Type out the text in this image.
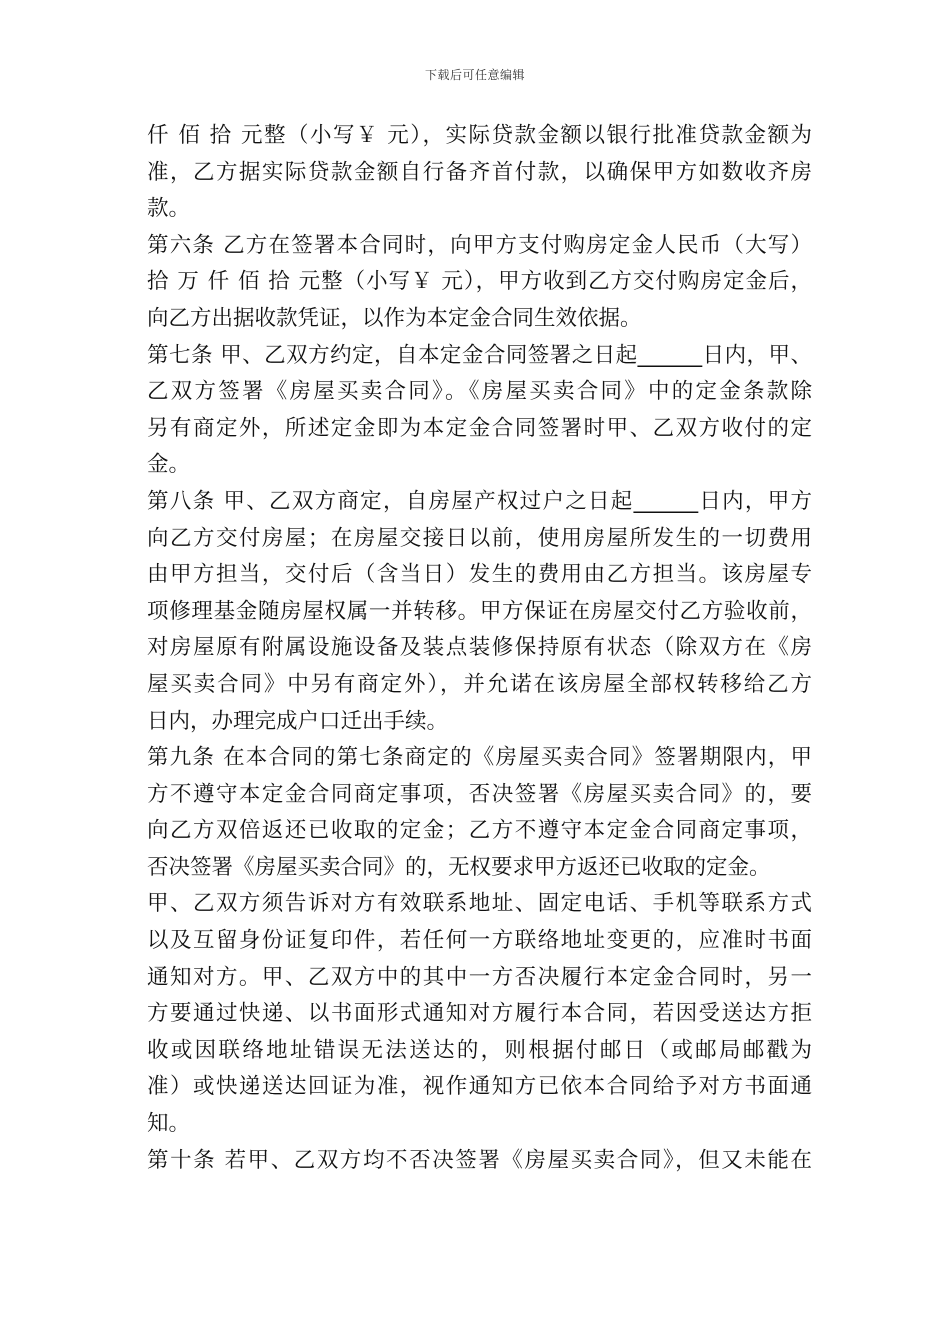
下载后可任意编辑
仟 佰 拾 元整（小写￥ 元），实际贷款金额以银行批准贷款金额为
准，乙方据实际贷款金额自行备齐首付款，以确保甲方如数收齐房
款。
第六条 乙方在签署本合同时，向甲方支付购房定金人民币（大写）
拾 万 仟 佰 拾 元整（小写￥ 元），甲方收到乙方交付购房定金后，
向乙方出据收款凭证，以作为本定金合同生效依据。
第七条 甲、乙双方约定，自本定金合同签署之日起______日内，甲、
乙双方签署《房屋买卖合同》。《房屋买卖合同》中的定金条款除
另有商定外，所述定金即为本定金合同签署时甲、乙双方收付的定
金。
第八条 甲、乙双方商定，自房屋产权过户之日起______日内，甲方
向乙方交付房屋；在房屋交接日以前，使用房屋所发生的一切费用
由甲方担当，交付后（含当日）发生的费用由乙方担当。该房屋专
项修理基金随房屋权属一并转移。甲方保证在房屋交付乙方验收前，
对房屋原有附属设施设备及装点装修保持原有状态（除双方在《房
屋买卖合同》中另有商定外），并允诺在该房屋全部权转移给乙方
日内，办理完成户口迁出手续。
第九条 在本合同的第七条商定的《房屋买卖合同》签署期限内，甲
方不遵守本定金合同商定事项，否决签署《房屋买卖合同》的，要
向乙方双倍返还已收取的定金；乙方不遵守本定金合同商定事项，
否决签署《房屋买卖合同》的，无权要求甲方返还已收取的定金。
甲、乙双方须告诉对方有效联系地址、固定电话、手机等联系方式
以及互留身份证复印件，若任何一方联络地址变更的，应准时书面
通知对方。甲、乙双方中的其中一方否决履行本定金合同时，另一
方要通过快递、以书面形式通知对方履行本合同，若因受送达方拒
收或因联络地址错误无法送达的，则根据付邮日（或邮局邮戳为
准）或快递送达回证为准，视作通知方已依本合同给予对方书面通
知。
第十条 若甲、乙双方均不否决签署《房屋买卖合同》，但又未能在
